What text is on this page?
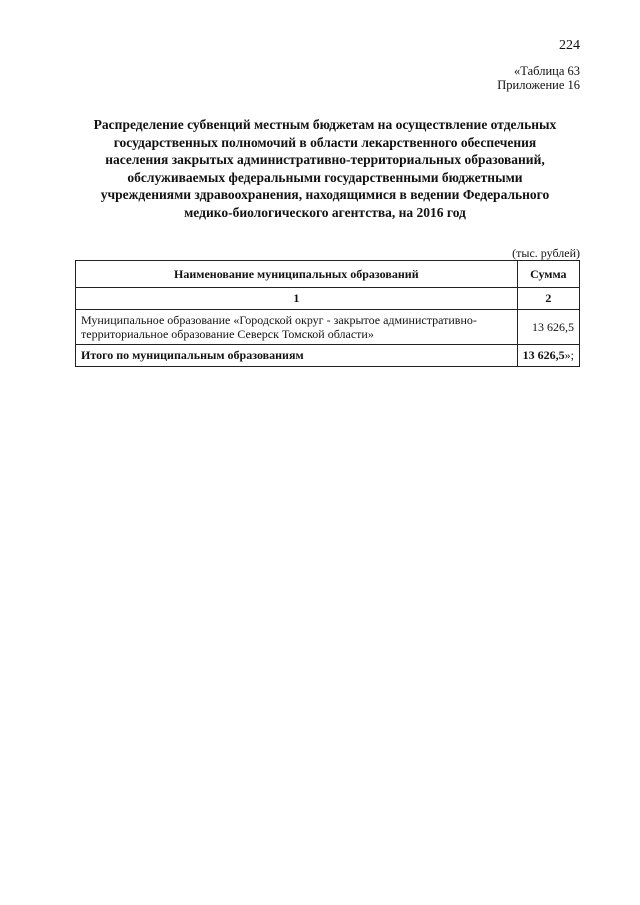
224
«Таблица 63
Приложение 16
Распределение субвенций местным бюджетам на осуществление отдельных
государственных полномочий в области лекарственного обеспечения
населения закрытых административно-территориальных образований,
обслуживаемых федеральными государственными бюджетными
учреждениями здравоохранения, находящимися в ведении Федерального
медико-биологического агентства, на 2016 год
(тыс. рублей)
Наименование муниципальных образований	Сумма
1	2
Муниципальное образование «Городской округ - закрытое административно-территориальное образование Северск Томской области»	13 626,5
Итого по муниципальным образованиям	13 626,5»;
